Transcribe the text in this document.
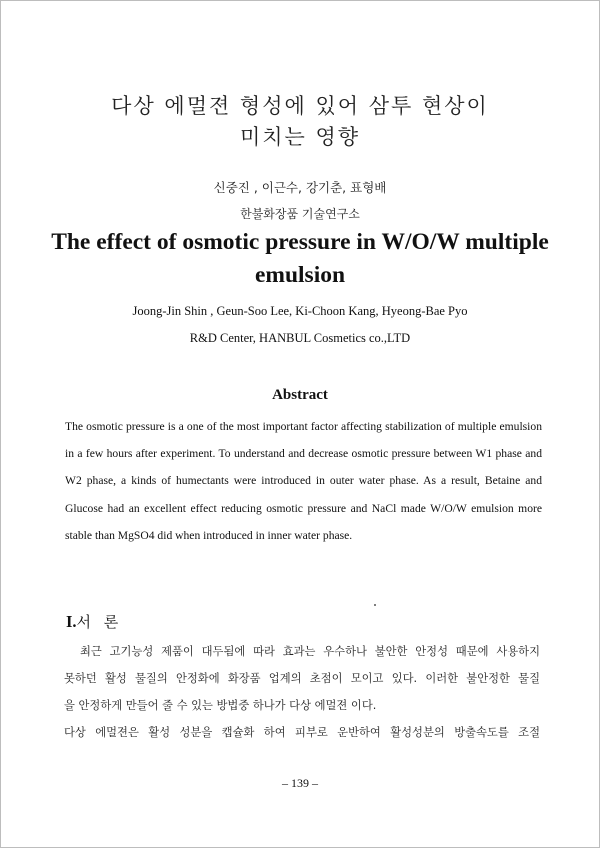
다상 에멀젼 형성에 있어 삼투 현상이
미치는 영향
신중진 , 이근수, 강기춘, 표형배
한불화장품 기술연구소
The effect of osmotic pressure in W/O/W multiple
emulsion
Joong-Jin Shin , Geun-Soo Lee, Ki-Choon Kang, Hyeong-Bae Pyo
R&D Center, HANBUL Cosmetics co.,LTD
Abstract
The osmotic pressure is a one of the most important factor affecting stabilization of multiple emulsion
in a few hours after experiment. To understand and decrease osmotic pressure between W1 phase and
W2 phase, a kinds of humectants were introduced in outer water phase. As a result, Betaine and
Glucose had an excellent effect reducing osmotic pressure and NaCl made W/O/W emulsion more
stable than MgSO4 did when introduced in inner water phase.
I.서 론
최근 고기능성 제품이 대두됨에 따라 효과는 우수하나 불안한 안정성 때문에 사용하지
못하던 활성 물질의 안정화에 화장품 업계의 초점이 모이고 있다. 이러한 불안정한 물질
을 안정하게 만들어 줄 수 있는 방법중 하나가 다상 에멀젼 이다.
다상 에멀젼은 활성 성분을 캡슐화 하여 피부로 운반하여 활성성분의 방출속도를 조절
– 139 –
